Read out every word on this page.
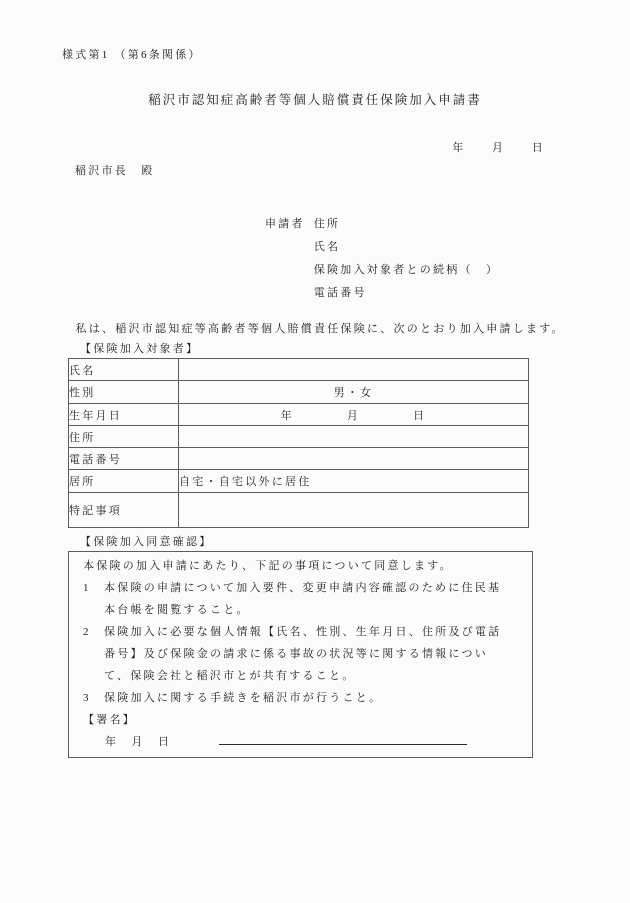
様式第1 （第6条関係）
稲沢市認知症高齢者等個人賠償責任保険加入申請書
年　　月　　日
稲沢市長　殿
申請者 住所
氏名
保険加入対象者との続柄（　）
電話番号
私は、稲沢市認知症等高齢者等個人賠償責任保険に、次のとおり加入申請します。
【保険加入対象者】
氏名	
性別	男・女
生年月日	年　　　　月　　　　日
住所	
電話番号	
居所	自宅・自宅以外に居住
特記事項	
【保険加入同意確認】
本保険の加入申請にあたり、下記の事項について同意します。
1 本保険の申請について加入要件、変更申請内容確認のために住民基本台帳を閲覧すること。
2 保険加入に必要な個人情報【氏名、性別、生年月日、住所及び電話番号】及び保険金の請求に係る事故の状況等に関する情報について、保険会社と稲沢市とが共有すること。
3 保険加入に関する手続きを稲沢市が行うこと。
【署名】
年　月　日
